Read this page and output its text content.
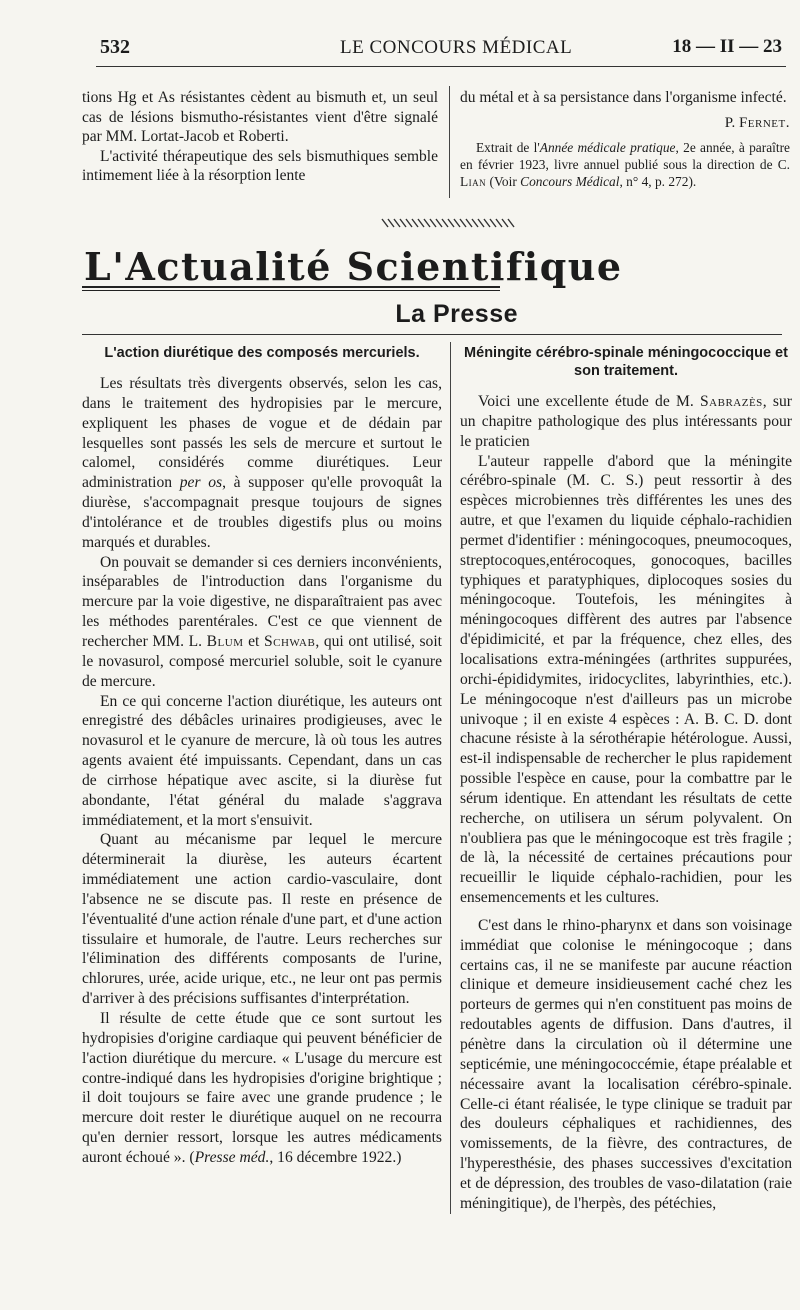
532	LE CONCOURS MÉDICAL	18 — II — 23

tions Hg et As résistantes cèdent au bismuth et, un seul cas de lésions bismutho-résistantes vient d'être signalé par MM. Lortat-Jacob et Roberti.

L'activité thérapeutique des sels bismuthiques semble intimement liée à la résorption lente

du métal et à sa persistance dans l'organisme infecté.

P. Fernet.

Extrait de l'Année médicale pratique, 2e année, à paraître en février 1923, livre annuel publié sous la direction de C. Lian (Voir Concours Médical, n° 4, p. 272).

L'Actualité Scientifique
La Presse

L'action diurétique des composés mercuriels.

Les résultats très divergents observés, selon les cas, dans le traitement des hydropisies par le mercure, expliquent les phases de vogue et de dédain par lesquelles sont passés les sels de mercure et surtout le calomel, considérés comme diurétiques. Leur administration per os, à supposer qu'elle provoquât la diurèse, s'accompagnait presque toujours de signes d'intolérance et de troubles digestifs plus ou moins marqués et durables.

On pouvait se demander si ces derniers inconvénients, inséparables de l'introduction dans l'organisme du mercure par la voie digestive, ne disparaîtraient pas avec les méthodes parentérales. C'est ce que viennent de rechercher MM. L. Blum et Schwab, qui ont utilisé, soit le novasurol, composé mercuriel soluble, soit le cyanure de mercure.

En ce qui concerne l'action diurétique, les auteurs ont enregistré des débâcles urinaires prodigieuses, avec le novasurol et le cyanure de mercure, là où tous les autres agents avaient été impuissants. Cependant, dans un cas de cirrhose hépatique avec ascite, si la diurèse fut abondante, l'état général du malade s'aggrava immédiatement, et la mort s'ensuivit.

Quant au mécanisme par lequel le mercure déterminerait la diurèse, les auteurs écartent immédiatement une action cardio-vasculaire, dont l'absence ne se discute pas. Il reste en présence de l'éventualité d'une action rénale d'une part, et d'une action tissulaire et humorale, de l'autre. Leurs recherches sur l'élimination des différents composants de l'urine, chlorures, urée, acide urique, etc., ne leur ont pas permis d'arriver à des précisions suffisantes d'interprétation.

Il résulte de cette étude que ce sont surtout les hydropisies d'origine cardiaque qui peuvent bénéficier de l'action diurétique du mercure. « L'usage du mercure est contre-indiqué dans les hydropisies d'origine brightique ; il doit toujours se faire avec une grande prudence ; le mercure doit rester le diurétique auquel on ne recourra qu'en dernier ressort, lorsque les autres médicaments auront échoué ». (Presse méd., 16 décembre 1922.)

Méningite cérébro-spinale méningococcique et son traitement.

Voici une excellente étude de M. Sabrazès, sur un chapitre pathologique des plus intéressants pour le praticien

L'auteur rappelle d'abord que la méningite cérébro-spinale (M. C. S.) peut ressortir à des espèces microbiennes très différentes les unes des autre, et que l'examen du liquide céphalo-rachidien permet d'identifier : méningocoques, pneumocoques, streptocoques,entérocoques, gonocoques, bacilles typhiques et paratyphiques, diplocoques sosies du méningocoque. Toutefois, les méningites à méningocoques diffèrent des autres par l'absence d'épidimicité, et par la fréquence, chez elles, des localisations extra-méningées (arthrites suppurées, orchi-épididymites, iridocyclites, labyrinthies, etc.). Le méningocoque n'est d'ailleurs pas un microbe univoque ; il en existe 4 espèces : A. B. C. D. dont chacune résiste à la sérothérapie hétérologue. Aussi, est-il indispensable de rechercher le plus rapidement possible l'espèce en cause, pour la combattre par le sérum identique. En attendant les résultats de cette recherche, on utilisera un sérum polyvalent. On n'oubliera pas que le méningocoque est très fragile ; de là, la nécessité de certaines précautions pour recueillir le liquide céphalo-rachidien, pour les ensemencements et les cultures.

C'est dans le rhino-pharynx et dans son voisinage immédiat que colonise le méningocoque ; dans certains cas, il ne se manifeste par aucune réaction clinique et demeure insidieusement caché chez les porteurs de germes qui n'en constituent pas moins de redoutables agents de diffusion. Dans d'autres, il pénètre dans la circulation où il détermine une septicémie, une méningococcémie, étape préalable et nécessaire avant la localisation cérébro-spinale. Celle-ci étant réalisée, le type clinique se traduit par des douleurs céphaliques et rachidiennes, des vomissements, de la fièvre, des contractures, de l'hyperesthésie, des phases successives d'excitation et de dépression, des troubles de vaso-dilatation (raie méningitique), de l'herpès, des pétéchies,
